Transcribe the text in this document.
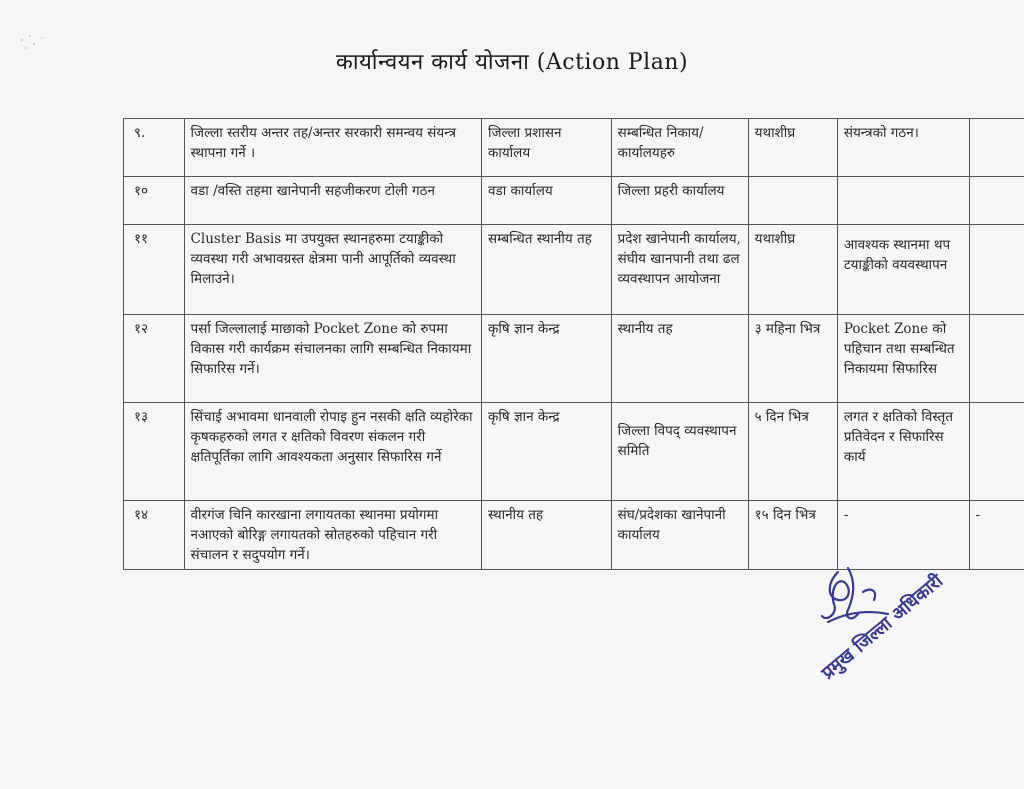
कार्यान्वयन कार्य योजना (Action Plan)
९.	जिल्ला स्तरीय अन्तर तह/अन्तर सरकारी समन्वय संयन्त्र स्थापना गर्ने ।	जिल्ला प्रशासन कार्यालय	सम्बन्धित निकाय/कार्यालयहरु	यथाशीघ्र	संयन्त्रको गठन।	
१०	वडा /वस्ति तहमा खानेपानी सहजीकरण टोली गठन	वडा कार्यालय	जिल्ला प्रहरी कार्यालय			
११	Cluster Basis मा उपयुक्त स्थानहरुमा टयाङ्कीको व्यवस्था गरी अभावग्रस्त क्षेत्रमा पानी आपूर्तिको व्यवस्था मिलाउने।	सम्बन्धित स्थानीय तह	प्रदेश खानेपानी कार्यालय, संघीय खानपानी तथा ढल व्यवस्थापन आयोजना	यथाशीघ्र	आवश्यक स्थानमा थप टयाङ्कीको वयवस्थापन	
१२	पर्सा जिल्लालाई माछाको Pocket Zone को रुपमा विकास गरी कार्यक्रम संचालनका लागि सम्बन्धित निकायमा सिफारिस गर्ने।	कृषि ज्ञान केन्द्र	स्थानीय तह	३ महिना भित्र	Pocket Zone को पहिचान तथा सम्बन्धित निकायमा सिफारिस	
१३	सिंचाई अभावमा धानवाली रोपाइ हुन नसकी क्षति व्यहोरेका कृषकहरुको लगत र क्षतिको विवरण संकलन गरी क्षतिपूर्तिका लागि आवश्यकता अनुसार सिफारिस गर्ने	कृषि ज्ञान केन्द्र	जिल्ला विपद् व्यवस्थापन समिति	५ दिन भित्र	लगत र क्षतिको विस्तृत प्रतिवेदन र सिफारिस कार्य	
१४	वीरगंज चिनि कारखाना लगायतका स्थानमा प्रयोगमा नआएको बोरिङ्ग लगायतको स्रोतहरुको पहिचान गरी संचालन र सदुपयोग गर्ने।	स्थानीय तह	संघ/प्रदेशका खानेपानी कार्यालय	१५ दिन भित्र	-	-
प्रमुख जिल्ला अधिकारी
